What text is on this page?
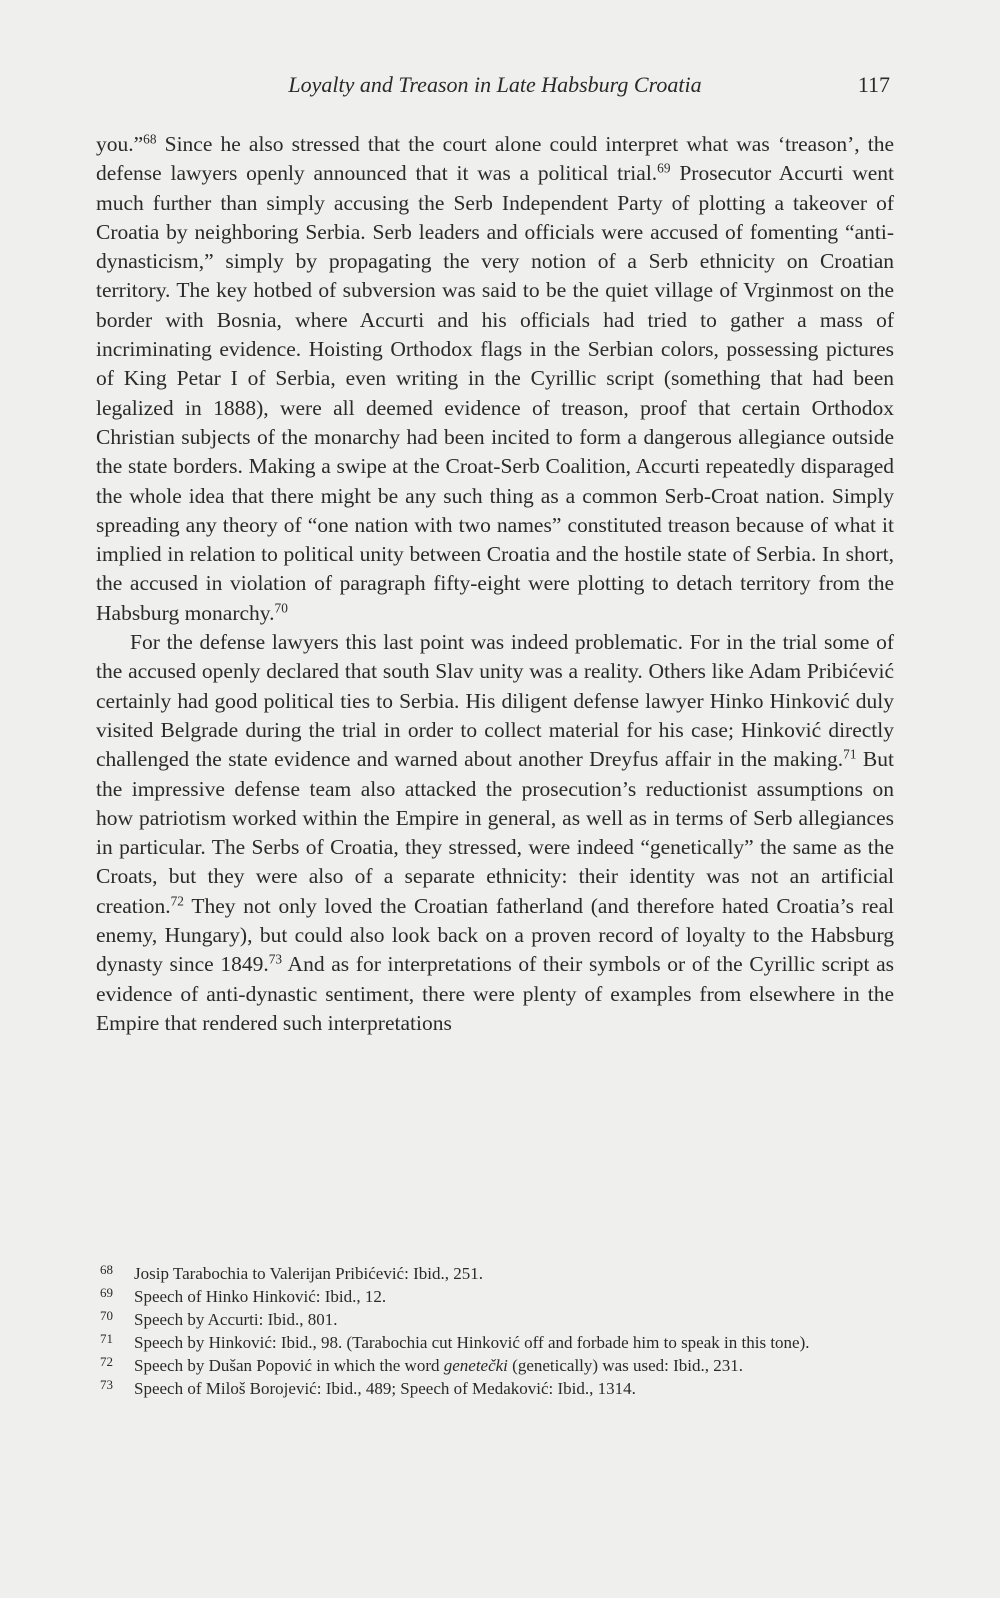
Loyalty and Treason in Late Habsburg Croatia	117

you.”$^{68}$ Since he also stressed that the court alone could interpret what was ‘treason’, the defense lawyers openly announced that it was a political trial.$^{69}$ Prosecutor Accurti went much further than simply accusing the Serb Independent Party of plotting a takeover of Croatia by neighboring Serbia. Serb leaders and officials were accused of fomenting “anti-dynasticism,” simply by propagating the very notion of a Serb ethnicity on Croatian territory. The key hotbed of subversion was said to be the quiet village of Vrginmost on the border with Bosnia, where Accurti and his officials had tried to gather a mass of incriminating evidence. Hoisting Orthodox flags in the Serbian colors, possessing pictures of King Petar I of Serbia, even writing in the Cyrillic script (something that had been legalized in 1888), were all deemed evidence of treason, proof that certain Orthodox Christian subjects of the monarchy had been incited to form a dangerous allegiance outside the state borders. Making a swipe at the Croat-Serb Coalition, Accurti repeatedly disparaged the whole idea that there might be any such thing as a common Serb-Croat nation. Simply spreading any theory of “one nation with two names” constituted treason because of what it implied in relation to political unity between Croatia and the hostile state of Serbia. In short, the accused in violation of paragraph fifty-eight were plotting to detach territory from the Habsburg monarchy.$^{70}$

For the defense lawyers this last point was indeed problematic. For in the trial some of the accused openly declared that south Slav unity was a reality. Others like Adam Pribićević certainly had good political ties to Serbia. His diligent defense lawyer Hinko Hinković duly visited Belgrade during the trial in order to collect material for his case; Hinković directly challenged the state evidence and warned about another Dreyfus affair in the making.$^{71}$ But the impressive defense team also attacked the prosecution’s reductionist assumptions on how patriotism worked within the Empire in general, as well as in terms of Serb allegiances in particular. The Serbs of Croatia, they stressed, were indeed “genetically” the same as the Croats, but they were also of a separate ethnicity: their identity was not an artificial creation.$^{72}$ They not only loved the Croatian fatherland (and therefore hated Croatia’s real enemy, Hungary), but could also look back on a proven record of loyalty to the Habsburg dynasty since 1849.73 And as for interpretations of their symbols or of the Cyrillic script as evidence of anti-dynastic sentiment, there were plenty of examples from elsewhere in the Empire that rendered such interpretations

68 Josip Tarabochia to Valerijan Pribićević: Ibid., 251.
69 Speech of Hinko Hinković: Ibid., 12.
70 Speech by Accurti: Ibid., 801.
71 Speech by Hinković: Ibid., 98. (Tarabochia cut Hinković off and forbade him to speak in this tone).
72 Speech by Dušan Popović in which the word genetečki (genetically) was used: Ibid., 231.
73 Speech of Miloš Borojević: Ibid., 489; Speech of Medaković: Ibid., 1314.
